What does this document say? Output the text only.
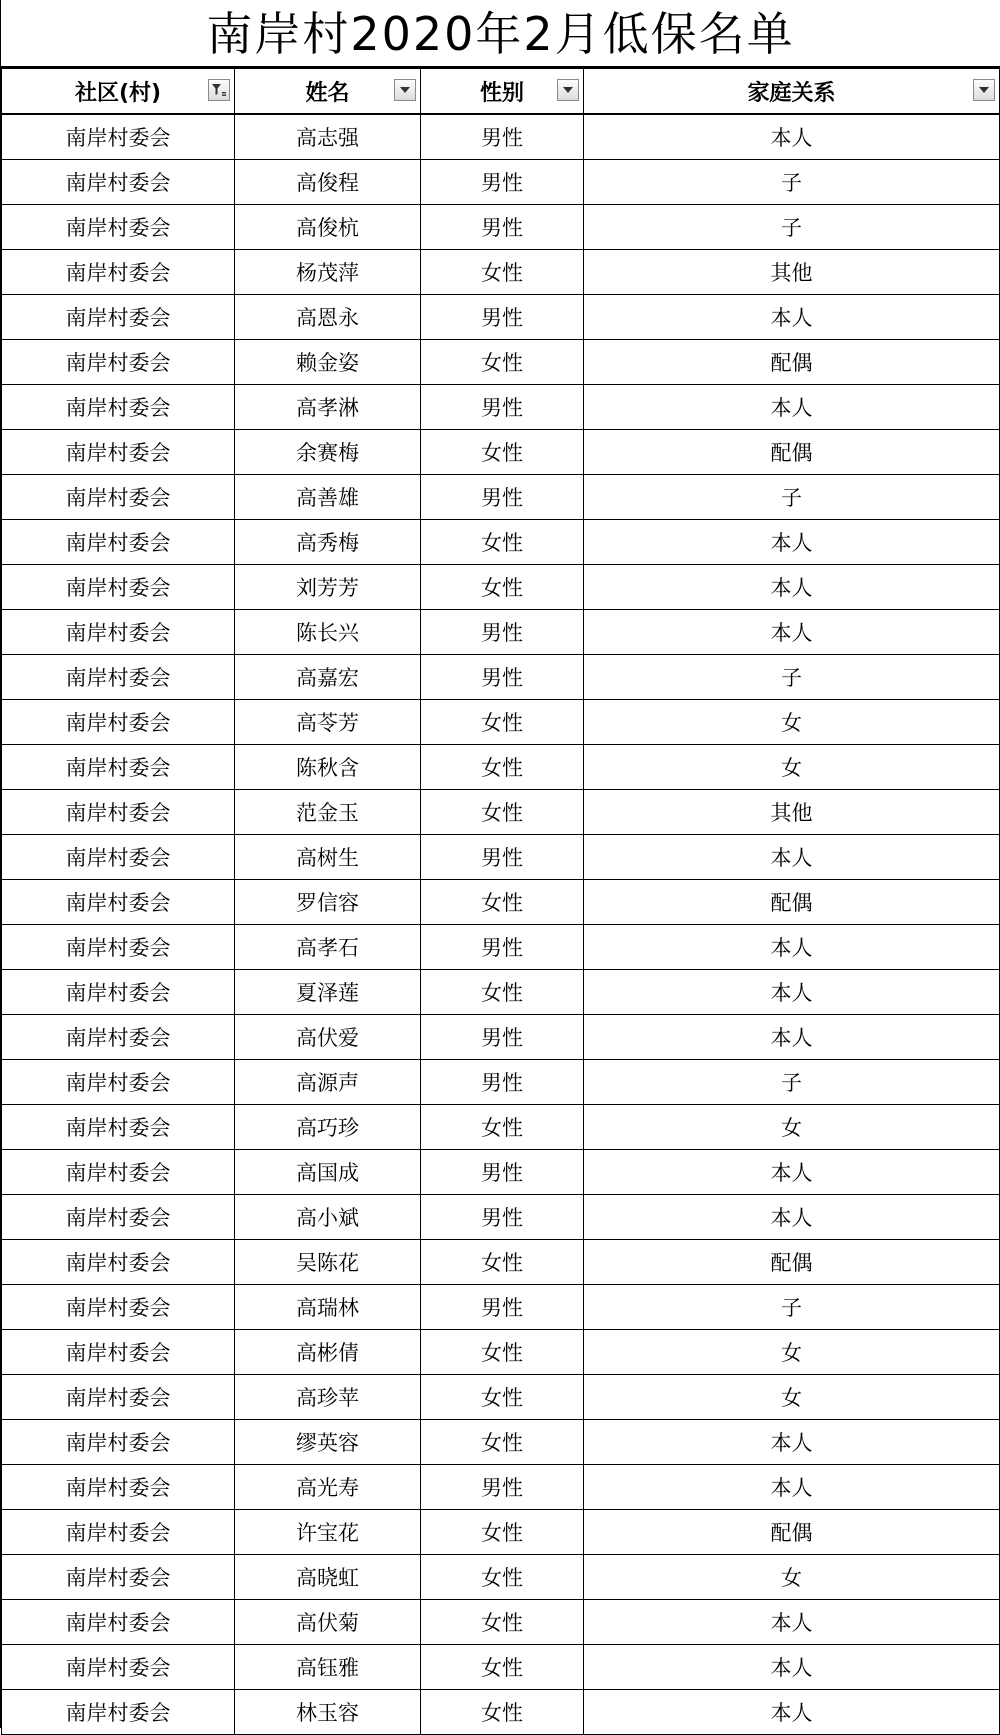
南岸村2020年2月低保名单
社区(村)	姓名	性别	家庭关系

南岸村委会	高志强	男性	本人
南岸村委会	高俊程	男性	子
南岸村委会	高俊杭	男性	子
南岸村委会	杨茂萍	女性	其他
南岸村委会	高恩永	男性	本人
南岸村委会	赖金姿	女性	配偶
南岸村委会	高孝淋	男性	本人
南岸村委会	余赛梅	女性	配偶
南岸村委会	高善雄	男性	子
南岸村委会	高秀梅	女性	本人
南岸村委会	刘芳芳	女性	本人
南岸村委会	陈长兴	男性	本人
南岸村委会	高嘉宏	男性	子
南岸村委会	高苓芳	女性	女
南岸村委会	陈秋含	女性	女
南岸村委会	范金玉	女性	其他
南岸村委会	高树生	男性	本人
南岸村委会	罗信容	女性	配偶
南岸村委会	高孝石	男性	本人
南岸村委会	夏泽莲	女性	本人
南岸村委会	高伏爱	男性	本人
南岸村委会	高源声	男性	子
南岸村委会	高巧珍	女性	女
南岸村委会	高国成	男性	本人
南岸村委会	高小斌	男性	本人
南岸村委会	吴陈花	女性	配偶
南岸村委会	高瑞林	男性	子
南岸村委会	高彬倩	女性	女
南岸村委会	高珍苹	女性	女
南岸村委会	缪英容	女性	本人
南岸村委会	高光寿	男性	本人
南岸村委会	许宝花	女性	配偶
南岸村委会	高晓虹	女性	女
南岸村委会	高伏菊	女性	本人
南岸村委会	高钰雅	女性	本人
南岸村委会	林玉容	女性	本人
